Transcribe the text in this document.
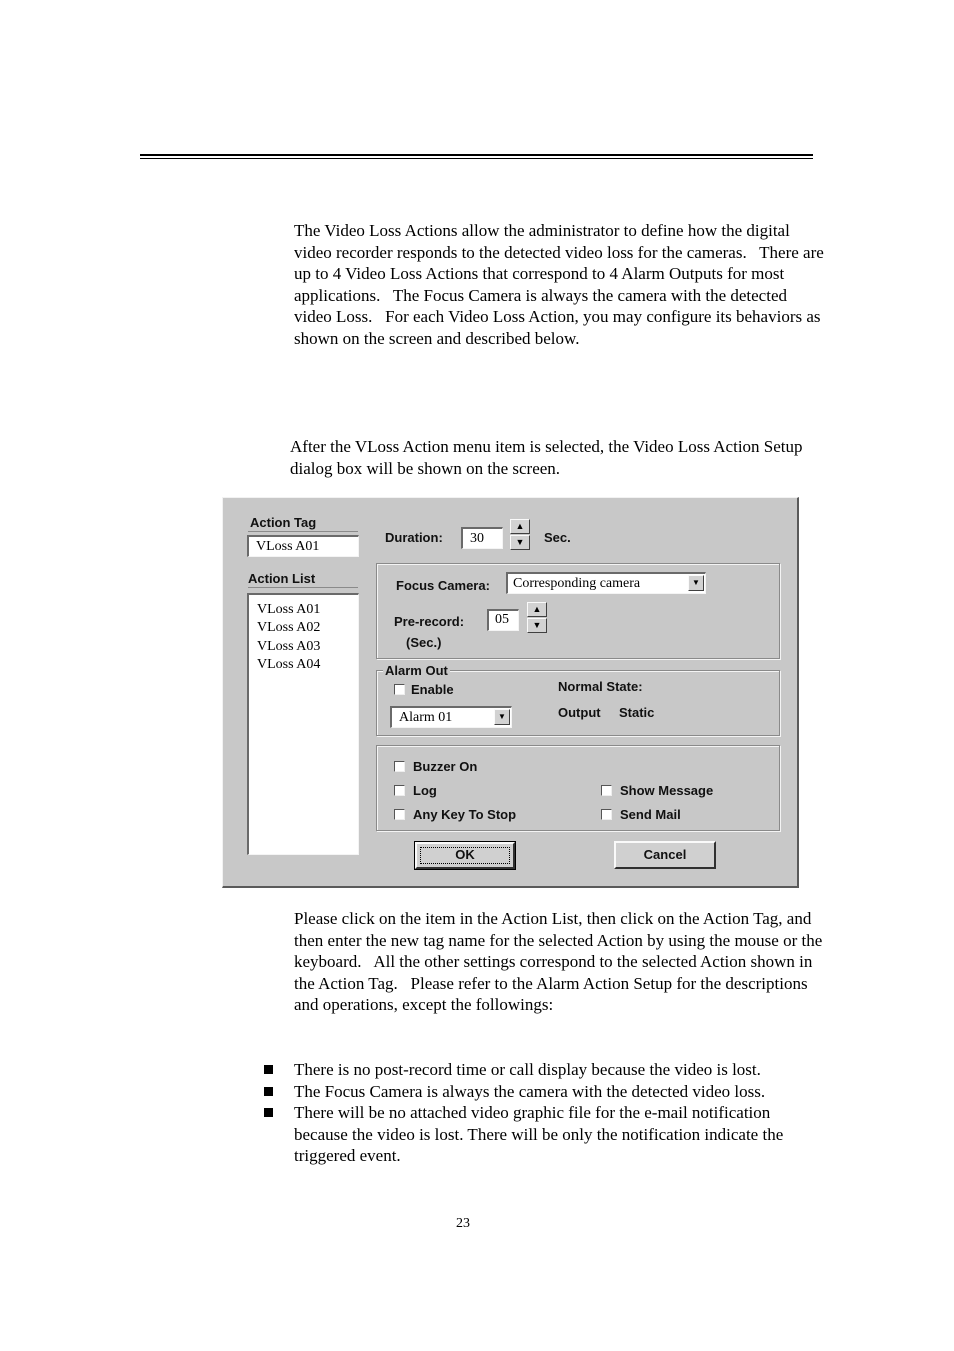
The Video Loss Actions allow the administrator to define how the digital video recorder responds to the detected video loss for the cameras.   There are up to 4 Video Loss Actions that correspond to 4 Alarm Outputs for most applications.   The Focus Camera is always the camera with the detected video Loss.   For each Video Loss Action, you may configure its behaviors as shown on the screen and described below.

After the VLoss Action menu item is selected, the Video Loss Action Setup dialog box will be shown on the screen.

Action Tag
VLoss A01
Action List
VLoss A01
VLoss A02
VLoss A03
VLoss A04
Duration:	30
▲
▼	Sec.
Focus Camera:	Corresponding camera	▼
Pre-record:
(Sec.)
05
▲
▼
Alarm Out
Enable	Normal State:
Alarm 01	▼	Output Static
Buzzer On
Log
Any Key To Stop
Show Message
Send Mail
OK	Cancel

Please click on the item in the Action List, then click on the Action Tag, and then enter the new tag name for the selected Action by using the mouse or the keyboard.   All the other settings correspond to the selected Action shown in the Action Tag.   Please refer to the Alarm Action Setup for the descriptions and operations, except the followings:

There is no post-record time or call display because the video is lost.
The Focus Camera is always the camera with the detected video loss.
There will be no attached video graphic file for the e-mail notification because the video is lost. There will be only the notification indicate the triggered event.
23
